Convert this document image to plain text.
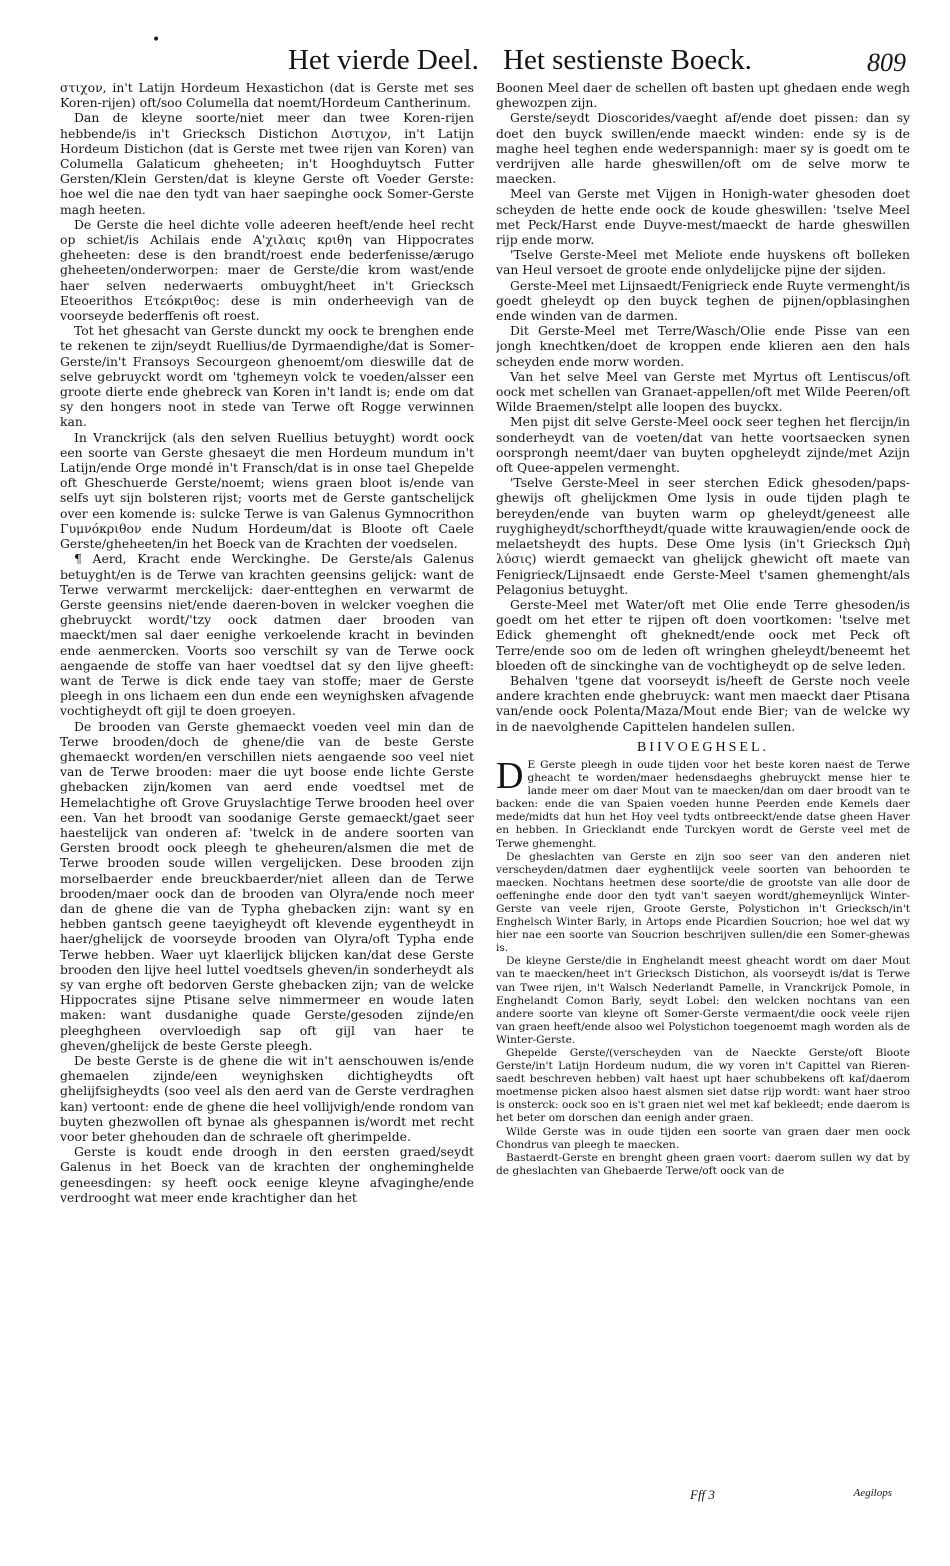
•
Het vierde Deel. Het sestienste Boeck.	809

στιχον, in't Latijn Hordeum Hexastichon (dat is Gerste met ses Koren-rijen) oft/soo Columella dat noemt/Hordeum Cantherinum.

Dan de kleyne soorte/niet meer dan twee Koren-rijen hebbende/is in't Griecksch Distichon Διστιχον, in't Latijn Hordeum Distichon (dat is Gerste met twee rijen van Koren) van Columella Galaticum gheheeten; in't Hooghduytsch Futter Gersten/Klein Gersten/dat is kleyne Gerste oft Voeder Gerste: hoe wel die nae den tydt van haer saepinghe oock Somer-Gerste magh heeten.

De Gerste die heel dichte volle adeeren heeft/ende heel recht op schiet/is Achilais ende A'χιλαις κριθη van Hippocrates gheheeten: dese is den brandt/roest ende bederfenisse/ærugo gheheeten/onderworpen: maer de Gerste/die krom wast/ende haer selven nederwaerts ombuyght/heet in't Griecksch Eteoerithos Ετεόκριθος: dese is min onderheevigh van de voorseyde bederffenis oft roest.

Tot het ghesacht van Gerste dunckt my oock te brenghen ende te rekenen te zijn/seydt Ruellius/de Dyrmaendighe/dat is Somer-Gerste/in't Fransoys Secourgeon ghenoemt/om dieswille dat de selve gebruyckt wordt om 'tghemeyn volck te voeden/alsser een groote dierte ende ghebreck van Koren in't landt is; ende om dat sy den hongers noot in stede van Terwe oft Rogge verwinnen kan.

In Vranckrijck (als den selven Ruellius betuyght) wordt oock een soorte van Gerste ghesaeyt die men Hordeum mundum in't Latijn/ende Orge mondé in't Fransch/dat is in onse tael Ghepelde oft Gheschuerde Gerste/noemt; wiens graen bloot is/ende van selfs uyt sijn bolsteren rijst; voorts met de Gerste gantschelijck over een komende is: sulcke Terwe is van Galenus Gymnocrithon Γυμνόκριθον ende Nudum Hordeum/dat is Bloote oft Caele Gerste/gheheeten/in het Boeck van de Krachten der voedselen.

¶ Aerd, Kracht ende Werckinghe. De Gerste/als Galenus betuyght/en is de Terwe van krachten geensins gelijck: want de Terwe verwarmt merckelijck: daer-entteghen en verwarmt de Gerste geensins niet/ende daeren-boven in welcker voeghen die ghebruyckt wordt/'tzy oock datmen daer brooden van maeckt/men sal daer eenighe verkoelende kracht in bevinden ende aenmercken. Voorts soo verschilt sy van de Terwe oock aengaende de stoffe van haer voedtsel dat sy den lijve gheeft: want de Terwe is dick ende taey van stoffe; maer de Gerste pleegh in ons lichaem een dun ende een weynighsken afvagende vochtigheydt oft gijl te doen groeyen.

De brooden van Gerste ghemaeckt voeden veel min dan de Terwe brooden/doch de ghene/die van de beste Gerste ghemaeckt worden/en verschillen niets aengaende soo veel niet van de Terwe brooden: maer die uyt boose ende lichte Gerste ghebacken zijn/komen van aerd ende voedtsel met de Hemelachtighe oft Grove Gruyslachtige Terwe brooden heel over een. Van het broodt van soodanige Gerste gemaeckt/gaet seer haestelijck van onderen af: 'twelck in de andere soorten van Gersten broodt oock pleegh te gheheuren/alsmen die met de Terwe brooden soude willen vergelijcken. Dese brooden zijn morselbaerder ende breuckbaerder/niet alleen dan de Terwe brooden/maer oock dan de brooden van Olyra/ende noch meer dan de ghene die van de Typha ghebacken zijn: want sy en hebben gantsch geene taeyigheydt oft klevende eygentheydt in haer/ghelijck de voorseyde brooden van Olyra/oft Typha ende Terwe hebben. Waer uyt klaerlijck blijcken kan/dat dese Gerste brooden den lijve heel luttel voedtsels gheven/in sonderheydt als sy van erghe oft bedorven Gerste ghebacken zijn; van de welcke Hippocrates sijne Ptisane selve nimmermeer en woude laten maken: want dusdanighe quade Gerste/gesoden zijnde/en pleeghgheen overvloedigh sap oft gijl van haer te gheven/ghelijck de beste Gerste pleegh.

De beste Gerste is de ghene die wit in't aenschouwen is/ende ghemaelen zijnde/een weynighsken dichtigheydts oft ghelijfsigheydts (soo veel als den aerd van de Gerste verdraghen kan) vertoont: ende de ghene die heel vollijvigh/ende rondom van buyten ghezwollen oft bynae als ghespannen is/wordt met recht voor beter ghehouden dan de schraele oft gherimpelde.

Gerste is koudt ende droogh in den eersten graed/seydt Galenus in het Boeck van de krachten der ongheminghelde geneesdingen: sy heeft oock eenige kleyne afvaginghe/ende verdrooght wat meer ende krachtigher dan het

Boonen Meel daer de schellen oft basten upt ghedaen ende wegh ghewozpen zijn.

Gerste/seydt Dioscorides/vaeght af/ende doet pissen: dan sy doet den buyck swillen/ende maeckt winden: ende sy is de maghe heel teghen ende wederspannigh: maer sy is goedt om te verdrijven alle harde gheswillen/oft om de selve morw te maecken.

Meel van Gerste met Vijgen in Honigh-water ghesoden doet scheyden de hette ende oock de koude gheswillen: 'tselve Meel met Peck/Harst ende Duyve-mest/maeckt de harde gheswillen rijp ende morw.

'Tselve Gerste-Meel met Meliote ende huyskens oft bolleken van Heul versoet de groote ende onlydelijcke pijne der sijden.

Gerste-Meel met Lijnsaedt/Fenigrieck ende Ruyte vermenght/is goedt gheleydt op den buyck teghen de pijnen/opblasinghen ende winden van de darmen.

Dit Gerste-Meel met Terre/Wasch/Olie ende Pisse van een jongh knechtken/doet de kroppen ende klieren aen den hals scheyden ende morw worden.

Van het selve Meel van Gerste met Myrtus oft Lentiscus/oft oock met schellen van Granaet-appellen/oft met Wilde Peeren/oft Wilde Braemen/stelpt alle loopen des buyckx.

Men pijst dit selve Gerste-Meel oock seer teghen het flercijn/in sonderheydt van de voeten/dat van hette voortsaecken synen oorsprongh neemt/daer van buyten opgheleydt zijnde/met Azijn oft Quee-appelen vermenght.

'Tselve Gerste-Meel in seer sterchen Edick ghesoden/paps-ghewijs oft ghelijckmen Ome lysis in oude tijden plagh te bereyden/ende van buyten warm op gheleydt/geneest alle ruyghigheydt/schorftheydt/quade witte krauwagien/ende oock de melaetsheydt des hupts. Dese Ome lysis (in't Griecksch Ωμὴ λύσις) wierdt gemaeckt van ghelijck ghewicht oft maete van Fenigrieck/Lijnsaedt ende Gerste-Meel t'samen ghemenght/als Pelagonius betuyght.

Gerste-Meel met Water/oft met Olie ende Terre ghesoden/is goedt om het etter te rijpen oft doen voortkomen: 'tselve met Edick ghemenght oft gheknedt/ende oock met Peck oft Terre/ende soo om de leden oft wringhen gheleydt/beneemt het bloeden oft de sinckinghe van de vochtigheydt op de selve leden.

Behalven 'tgene dat voorseydt is/heeft de Gerste noch veele andere krachten ende ghebruyck: want men maeckt daer Ptisana van/ende oock Polenta/Maza/Mout ende Bier; van de welcke wy in de naevolghende Capittelen handelen sullen.

BIIVOEGHSEL.

D E Gerste pleegh in oude tijden voor het beste koren naest de Terwe gheacht te worden/maer hedensdaeghs ghebruyckt mense hier te lande meer om daer Mout van te maecken/dan om daer broodt van te backen: ende die van Spaien voeden hunne Peerden ende Kemels daer mede/midts dat hun het Hoy veel tydts ontbreeckt/ende datse gheen Haver en hebben. In Griecklandt ende Turckyen wordt de Gerste veel met de Terwe ghemenght.

De gheslachten van Gerste en zijn soo seer van den anderen niet verscheyden/datmen daer eyghentlijck veele soorten van behoorden te maecken. Nochtans heetmen dese soorte/die de grootste van alle door de oeffeninghe ende door den tydt van't saeyen wordt/ghemeynlijck Winter-Gerste van veele rijen, Groote Gerste, Polystichon in't Griecksch/in't Enghelsch Winter Barly, in Artops ende Picardien Soucrion; hoe wel dat wy hier nae een soorte van Soucrion beschrijven sullen/die een Somer-ghewas is.

De kleyne Gerste/die in Enghelandt meest gheacht wordt om daer Mout van te maecken/heet in't Griecksch Distichon, als voorseydt is/dat is Terwe van Twee rijen, in't Walsch Nederlandt Pamelle, in Vranckrijck Pomole, in Enghelandt Comon Barly, seydt Lobel: den welcken nochtans van een andere soorte van kleyne oft Somer-Gerste vermaent/die oock veele rijen van graen heeft/ende alsoo wel Polystichon toegenoemt magh worden als de Winter-Gerste.

Ghepelde Gerste/(verscheyden van de Naeckte Gerste/oft Bloote Gerste/in't Latijn Hordeum nudum, die wy voren in't Capittel van Rieren-saedt beschreven hebben) valt haest upt haer schubbekens oft kaf/daerom moetmense picken alsoo haest alsmen siet datse rijp wordt: want haer stroo is onsterck: oock soo en is't graen niet wel met kaf bekleedt; ende daerom is het beter om dorschen dan eenigh ander graen.

Wilde Gerste was in oude tijden een soorte van graen daer men oock Chondrus van pleegh te maecken.

Bastaerdt-Gerste en brenght gheen graen voort: daerom sullen wy dat by de gheslachten van Ghebaerde Terwe/oft oock van de

Fff 3	Aegilops
